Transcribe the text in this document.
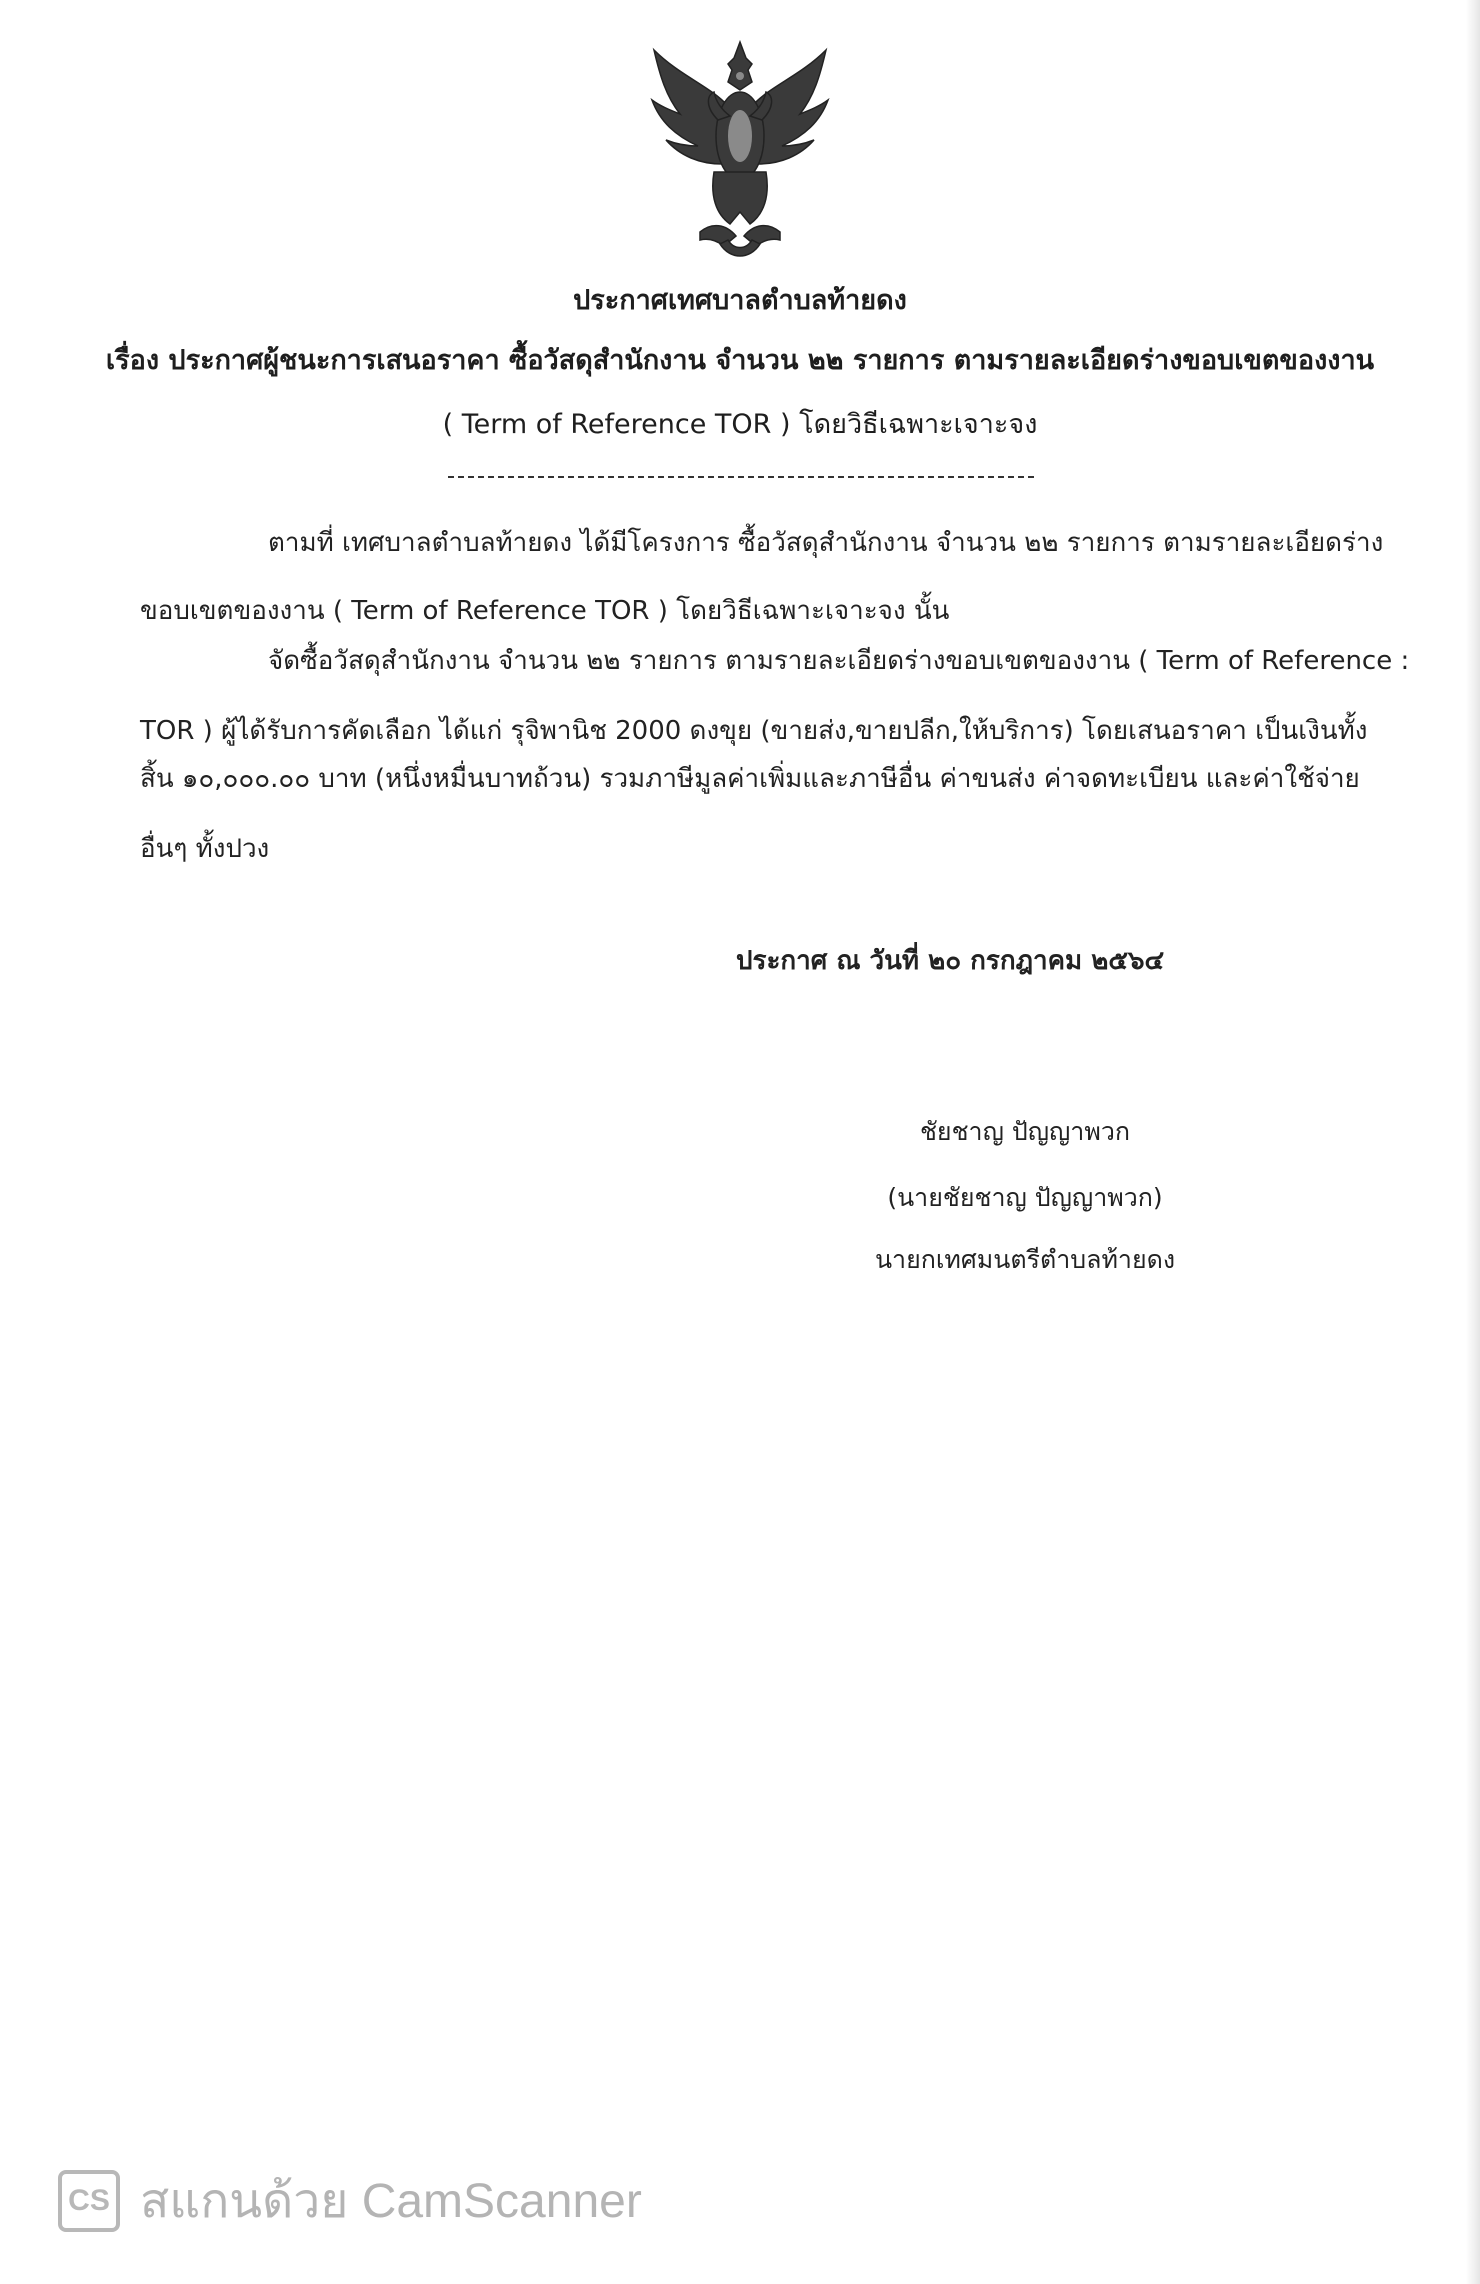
ประกาศเทศบาลตำบลท้ายดง
เรื่อง ประกาศผู้ชนะการเสนอราคา ซื้อวัสดุสำนักงาน จำนวน ๒๒ รายการ ตามรายละเอียดร่างขอบเขตของงาน
( Term of Reference TOR ) โดยวิธีเฉพาะเจาะจง
ตามที่ เทศบาลตำบลท้ายดง ได้มีโครงการ ซื้อวัสดุสำนักงาน จำนวน ๒๒ รายการ ตามรายละเอียดร่าง
ขอบเขตของงาน ( Term of Reference TOR ) โดยวิธีเฉพาะเจาะจง นั้น
จัดซื้อวัสดุสำนักงาน จำนวน ๒๒ รายการ ตามรายละเอียดร่างขอบเขตของงาน ( Term of Reference :
TOR ) ผู้ได้รับการคัดเลือก ได้แก่ รุจิพานิช 2000 ดงขุย (ขายส่ง,ขายปลีก,ให้บริการ) โดยเสนอราคา เป็นเงินทั้ง
สิ้น ๑๐,๐๐๐.๐๐ บาท (หนึ่งหมื่นบาทถ้วน) รวมภาษีมูลค่าเพิ่มและภาษีอื่น ค่าขนส่ง ค่าจดทะเบียน และค่าใช้จ่าย
อื่นๆ ทั้งปวง
ประกาศ ณ วันที่ ๒๐ กรกฎาคม ๒๕๖๔
ชัยชาญ ปัญญาพวก
(นายชัยชาญ ปัญญาพวก)
นายกเทศมนตรีตำบลท้ายดง
CS สแกนด้วย CamScanner
